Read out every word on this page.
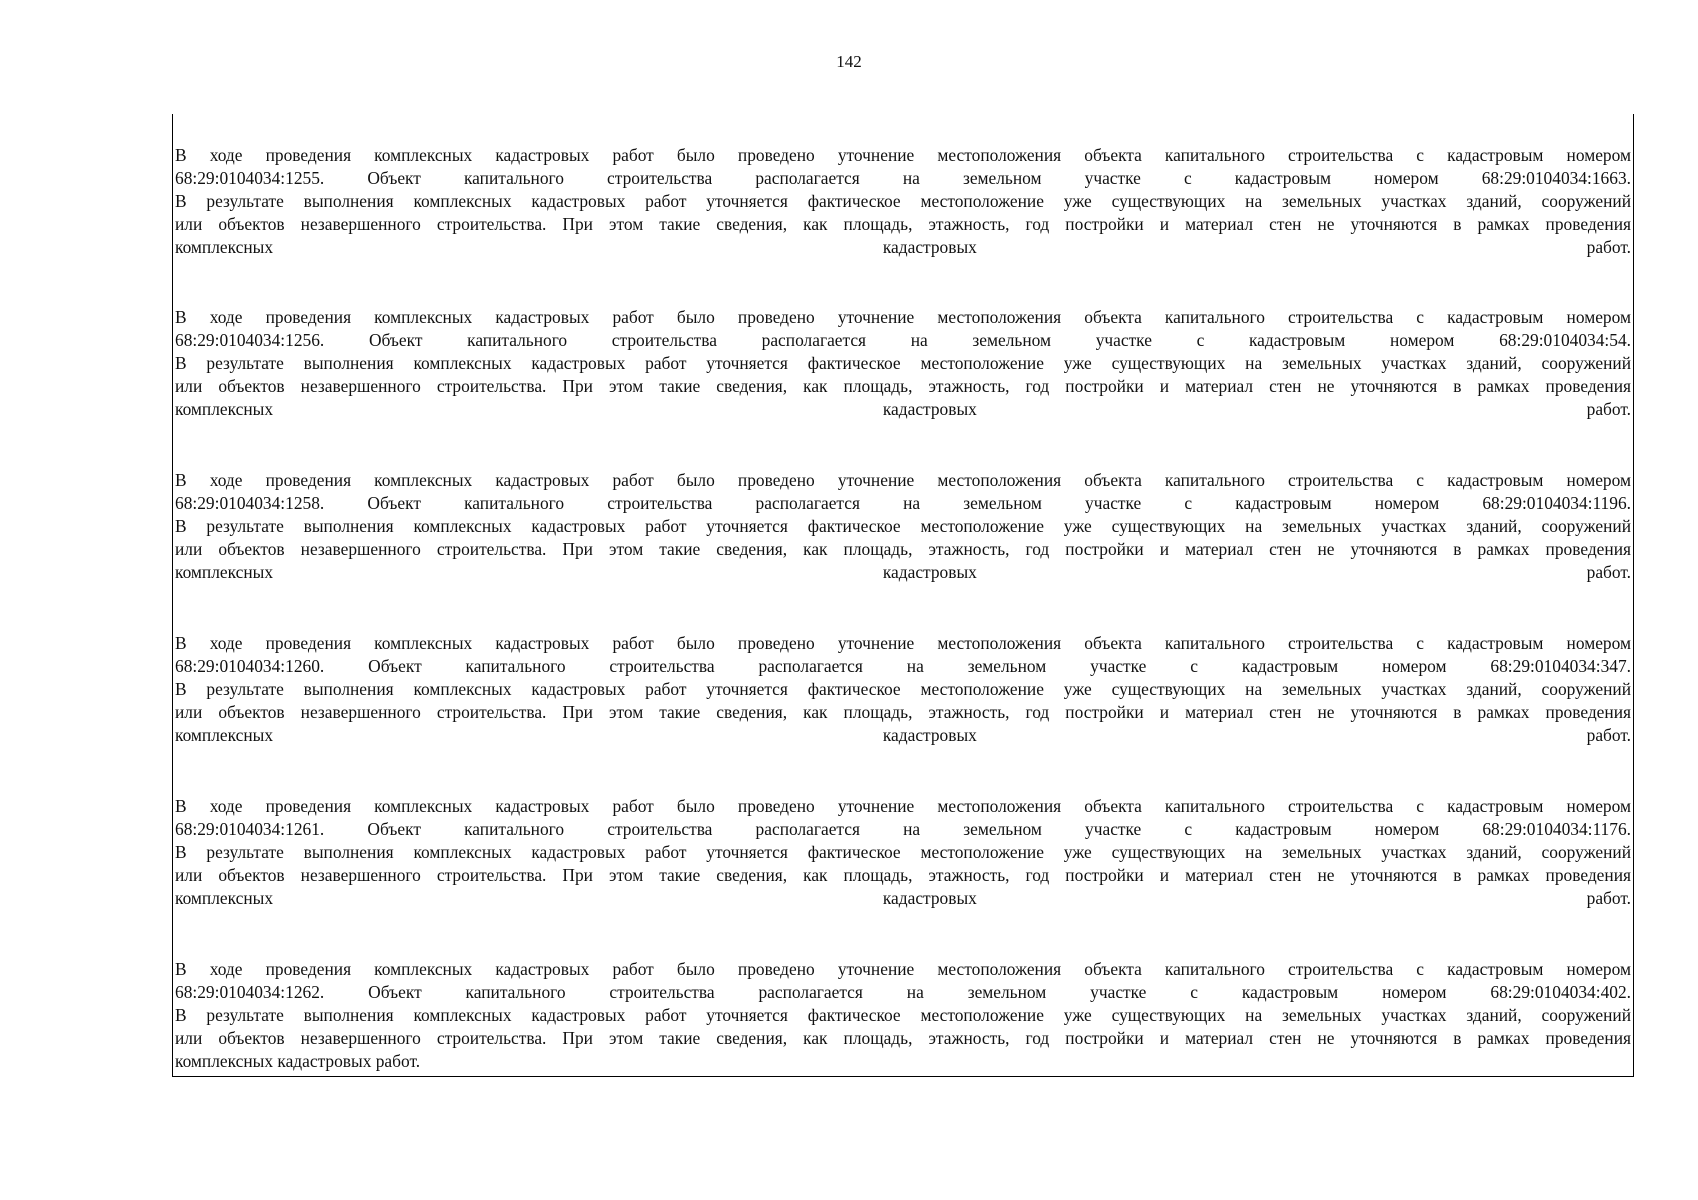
142
В ходе проведения комплексных кадастровых работ было проведено уточнение местоположения объекта капитального строительства с кадастровым номером
68:29:0104034:1255. Объект капитального строительства располагается на земельном участке с кадастровым номером 68:29:0104034:1663.
В результате выполнения комплексных кадастровых работ уточняется фактическое местоположение уже существующих на земельных участках зданий, сооружений
или объектов незавершенного строительства. При этом такие сведения, как площадь, этажность, год постройки и материал стен не уточняются в рамках проведения
комплексных кадастровых работ.
В ходе проведения комплексных кадастровых работ было проведено уточнение местоположения объекта капитального строительства с кадастровым номером
68:29:0104034:1256. Объект капитального строительства располагается на земельном участке с кадастровым номером 68:29:0104034:54.
В результате выполнения комплексных кадастровых работ уточняется фактическое местоположение уже существующих на земельных участках зданий, сооружений
или объектов незавершенного строительства. При этом такие сведения, как площадь, этажность, год постройки и материал стен не уточняются в рамках проведения
комплексных кадастровых работ.
В ходе проведения комплексных кадастровых работ было проведено уточнение местоположения объекта капитального строительства с кадастровым номером
68:29:0104034:1258. Объект капитального строительства располагается на земельном участке с кадастровым номером 68:29:0104034:1196.
В результате выполнения комплексных кадастровых работ уточняется фактическое местоположение уже существующих на земельных участках зданий, сооружений
или объектов незавершенного строительства. При этом такие сведения, как площадь, этажность, год постройки и материал стен не уточняются в рамках проведения
комплексных кадастровых работ.
В ходе проведения комплексных кадастровых работ было проведено уточнение местоположения объекта капитального строительства с кадастровым номером
68:29:0104034:1260. Объект капитального строительства располагается на земельном участке с кадастровым номером 68:29:0104034:347.
В результате выполнения комплексных кадастровых работ уточняется фактическое местоположение уже существующих на земельных участках зданий, сооружений
или объектов незавершенного строительства. При этом такие сведения, как площадь, этажность, год постройки и материал стен не уточняются в рамках проведения
комплексных кадастровых работ.
В ходе проведения комплексных кадастровых работ было проведено уточнение местоположения объекта капитального строительства с кадастровым номером
68:29:0104034:1261. Объект капитального строительства располагается на земельном участке с кадастровым номером 68:29:0104034:1176.
В результате выполнения комплексных кадастровых работ уточняется фактическое местоположение уже существующих на земельных участках зданий, сооружений
или объектов незавершенного строительства. При этом такие сведения, как площадь, этажность, год постройки и материал стен не уточняются в рамках проведения
комплексных кадастровых работ.
В ходе проведения комплексных кадастровых работ было проведено уточнение местоположения объекта капитального строительства с кадастровым номером
68:29:0104034:1262. Объект капитального строительства располагается на земельном участке с кадастровым номером 68:29:0104034:402.
В результате выполнения комплексных кадастровых работ уточняется фактическое местоположение уже существующих на земельных участках зданий, сооружений
или объектов незавершенного строительства. При этом такие сведения, как площадь, этажность, год постройки и материал стен не уточняются в рамках проведения
комплексных кадастровых работ.
